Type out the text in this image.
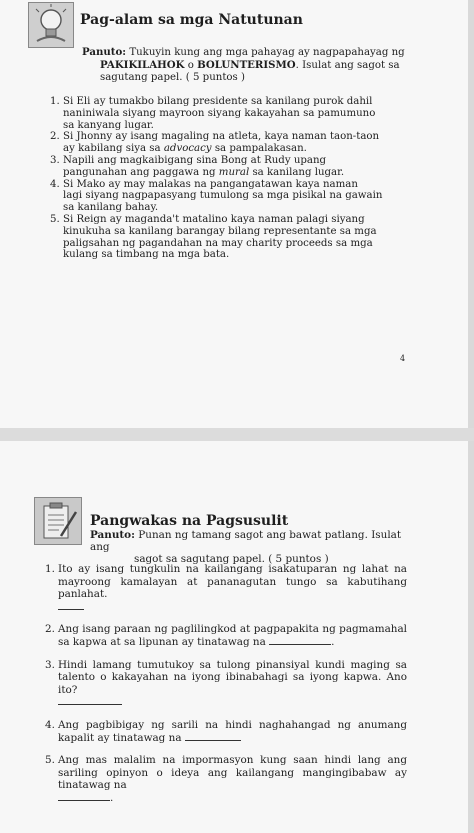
Pag-alam sa mga Natutunan
Panuto: Tukuyin kung ang mga pahayag ay nagpapahayag ng
PAKIKILAHOK o BOLUNTERISMO. Isulat ang sagot sa
sagutang papel. ( 5 puntos )
1. Si Eli ay tumakbo bilang presidente sa kanilang purok dahil
naniniwala siyang mayroon siyang kakayahan sa pamumuno
sa kanyang lugar.
2. Si Jhonny ay isang magaling na atleta, kaya naman taon-taon
ay kabilang siya sa advocacy sa pampalakasan.
3. Napili ang magkaibigang sina Bong at Rudy upang
pangunahan ang paggawa ng mural sa kanilang lugar.
4. Si Mako ay may malakas na pangangatawan kaya naman
lagi siyang nagpapasyang tumulong sa mga pisikal na gawain
sa kanilang bahay.
5. Si Reign ay maganda't matalino kaya naman palagi siyang
kinukuha sa kanilang barangay bilang representante sa mga
paligsahan ng pagandahan na may charity proceeds sa mga
kulang sa timbang na mga bata.
4
Pangwakas na Pagsusulit
Panuto: Punan ng tamang sagot ang bawat patlang. Isulat ang
sagot sa sagutang papel. ( 5 puntos )
1. Ito ay isang tungkulin na kailangang isakatuparan ng lahat na mayroong kamalayan at pananagutan tungo sa kabutihang panlahat.
2. Ang isang paraan ng paglilingkod at pagpapakita ng pagmamahal sa kapwa at sa lipunan ay tinatawag na	.
3. Hindi lamang tumutukoy sa tulong pinansiyal kundi maging sa talento o kakayahan na iyong ibinabahagi sa iyong kapwa. Ano ito?
4. Ang pagbibigay ng sarili na hindi naghahangad ng anumang kapalit ay tinatawag na
5. Ang mas malalim na impormasyon kung saan hindi lang ang sariling opinyon o ideya ang kailangang mangingibabaw ay tinatawag na
.
